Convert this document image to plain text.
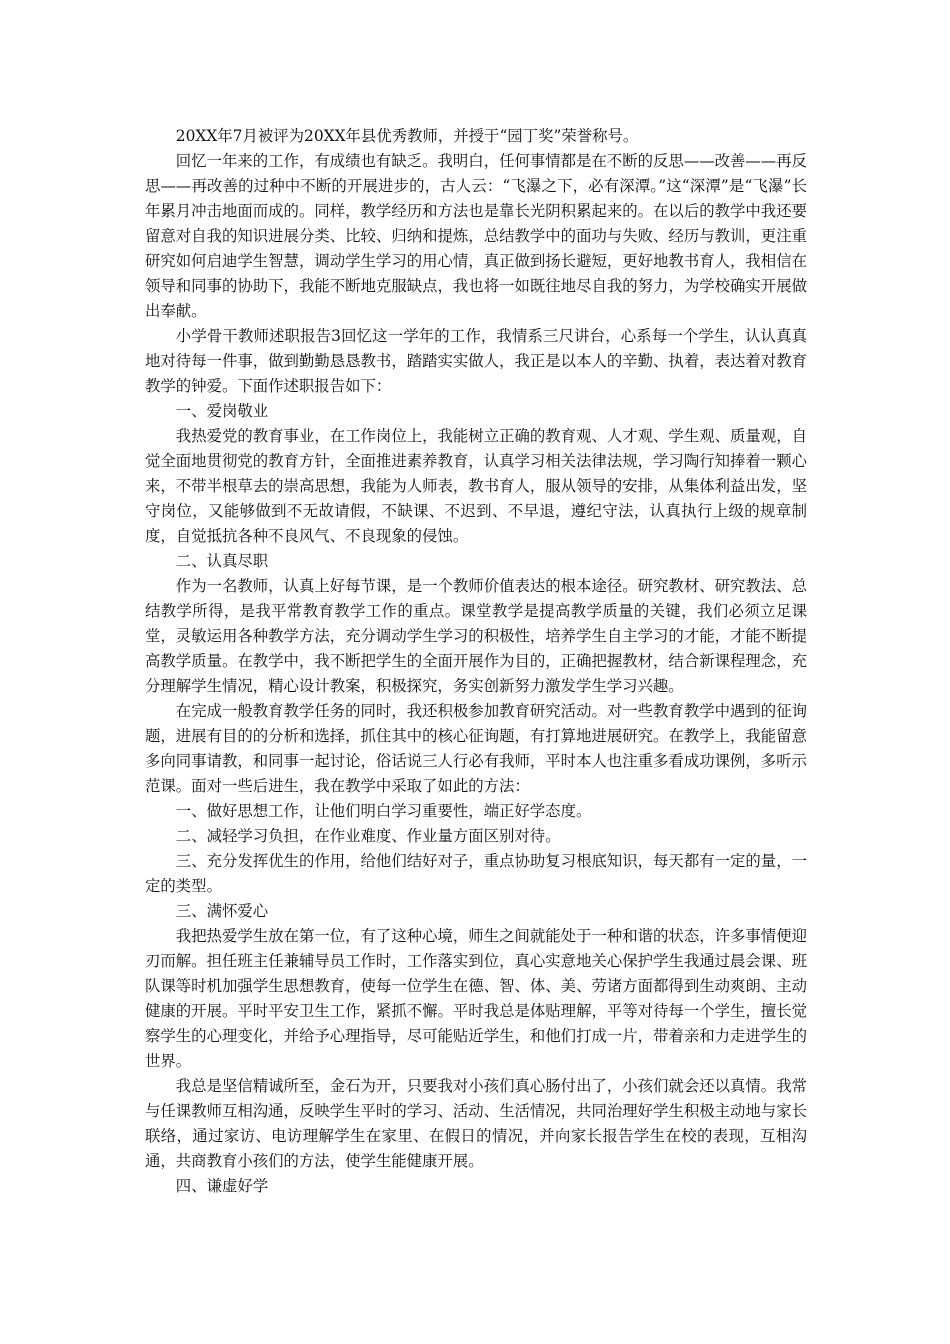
20XX年7月被评为20XX年县优秀教师，并授于“园丁奖”荣誉称号。

回忆一年来的工作，有成绩也有缺乏。我明白，任何事情都是在不断的反思——改善——再反思——再改善的过种中不断的开展进步的，古人云：“飞瀑之下，必有深潭。”这“深潭”是“飞瀑”长年累月冲击地面而成的。同样，教学经历和方法也是靠长光阴积累起来的。在以后的教学中我还要留意对自我的知识进展分类、比较、归纳和提炼，总结教学中的面功与失败、经历与教训，更注重研究如何启迪学生智慧，调动学生学习的用心情，真正做到扬长避短，更好地教书育人，我相信在领导和同事的协助下，我能不断地克服缺点，我也将一如既往地尽自我的努力，为学校确实开展做出奉献。

小学骨干教师述职报告3回忆这一学年的工作，我情系三尺讲台，心系每一个学生，认认真真地对待每一件事，做到勤勤恳恳教书，踏踏实实做人，我正是以本人的辛勤、执着，表达着对教育教学的钟爱。下面作述职报告如下：

一、爱岗敬业

我热爱党的教育事业，在工作岗位上，我能树立正确的教育观、人才观、学生观、质量观，自觉全面地贯彻党的教育方针，全面推进素养教育，认真学习相关法律法规，学习陶行知捧着一颗心来，不带半根草去的崇高思想，我能为人师表，教书育人，服从领导的安排，从集体利益出发，坚守岗位，又能够做到不无故请假，不缺课、不迟到、不早退，遵纪守法，认真执行上级的规章制度，自觉抵抗各种不良风气、不良现象的侵蚀。

二、认真尽职

作为一名教师，认真上好每节课，是一个教师价值表达的根本途径。研究教材、研究教法、总结教学所得，是我平常教育教学工作的重点。课堂教学是提高教学质量的关键，我们必须立足课堂，灵敏运用各种教学方法，充分调动学生学习的积极性，培养学生自主学习的才能，才能不断提高教学质量。在教学中，我不断把学生的全面开展作为目的，正确把握教材，结合新课程理念，充分理解学生情况，精心设计教案，积极探究，务实创新努力激发学生学习兴趣。

在完成一般教育教学任务的同时，我还积极参加教育研究活动。对一些教育教学中遇到的征询题，进展有目的的分析和选择，抓住其中的核心征询题，有打算地进展研究。在教学上，我能留意多向同事请教，和同事一起讨论，俗话说三人行必有我师，平时本人也注重多看成功课例，多听示范课。面对一些后进生，我在教学中采取了如此的方法：

一、做好思想工作，让他们明白学习重要性，端正好学态度。

二、减轻学习负担，在作业难度、作业量方面区别对待。

三、充分发挥优生的作用，给他们结好对子，重点协助复习根底知识，每天都有一定的量，一定的类型。

三、满怀爱心

我把热爱学生放在第一位，有了这种心境，师生之间就能处于一种和谐的状态，许多事情便迎刃而解。担任班主任兼辅导员工作时，工作落实到位，真心实意地关心保护学生我通过晨会课、班队课等时机加强学生思想教育，使每一位学生在德、智、体、美、劳诸方面都得到生动爽朗、主动健康的开展。平时平安卫生工作，紧抓不懈。平时我总是体贴理解，平等对待每一个学生，擅长觉察学生的心理变化，并给予心理指导，尽可能贴近学生，和他们打成一片，带着亲和力走进学生的世界。

我总是坚信精诚所至，金石为开，只要我对小孩们真心肠付出了，小孩们就会还以真情。我常与任课教师互相沟通，反映学生平时的学习、活动、生活情况，共同治理好学生积极主动地与家长联络，通过家访、电访理解学生在家里、在假日的情况，并向家长报告学生在校的表现，互相沟通，共商教育小孩们的方法，使学生能健康开展。

四、谦虚好学
